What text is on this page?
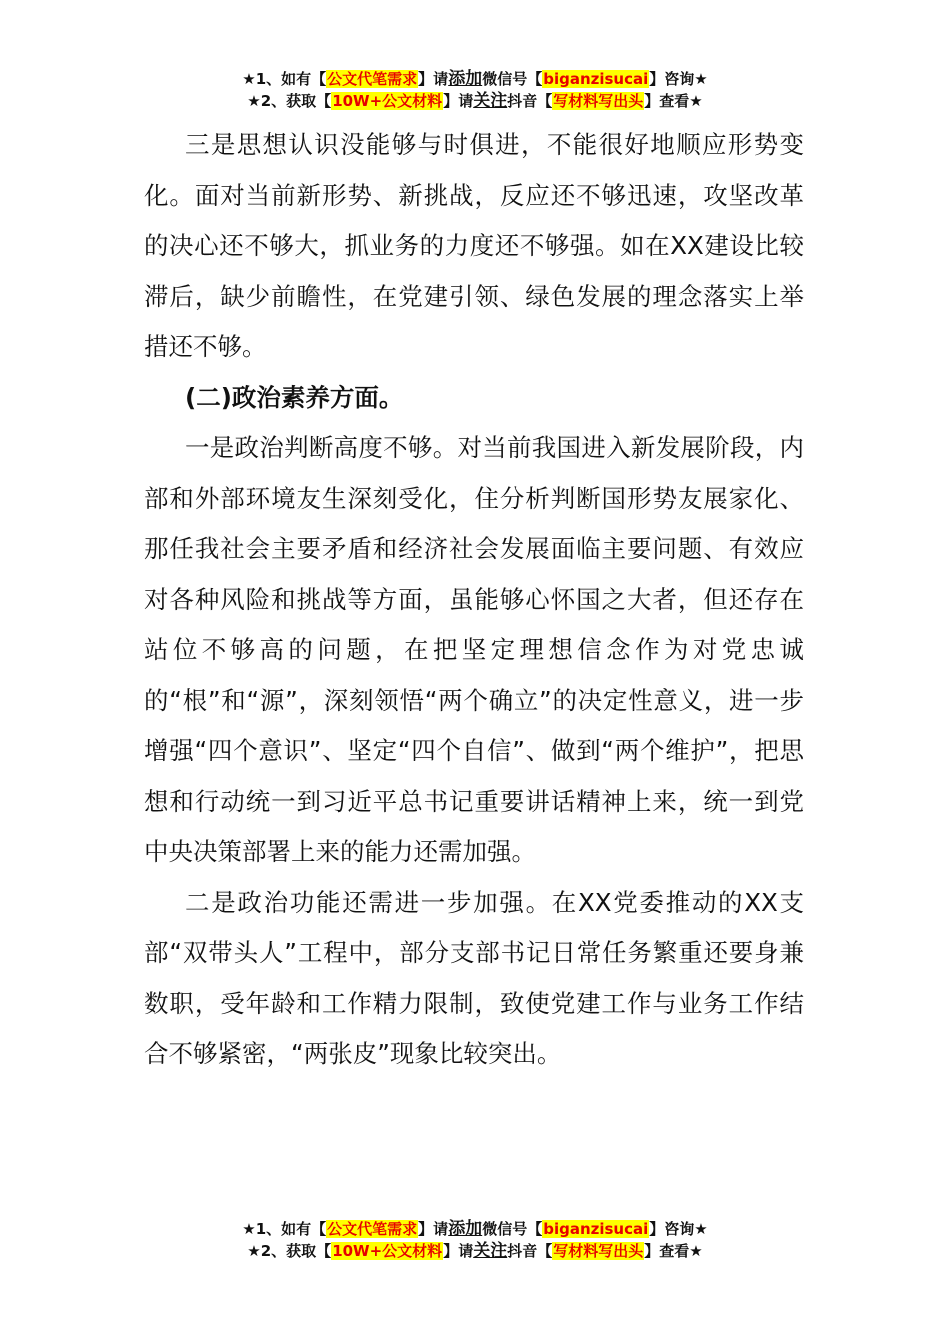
★1、如有【公文代笔需求】请添加微信号【biganzisucai】咨询★
★2、获取【10W+公文材料】请关注抖音【写材料写出头】查看★

三是思想认识没能够与时俱进，不能很好地顺应形势变化。面对当前新形势、新挑战，反应还不够迅速，攻坚改革的决心还不够大，抓业务的力度还不够强。如在XX建设比较滞后，缺少前瞻性，在党建引领、绿色发展的理念落实上举措还不够。

(二)政治素养方面。

一是政治判断高度不够。对当前我国进入新发展阶段，内部和外部环境友生深刻受化，住分析判断国形势友展家化、那任我社会主要矛盾和经济社会发展面临主要问题、有效应对各种风险和挑战等方面，虽能够心怀国之大者，但还存在站位不够高的问题，在把坚定理想信念作为对党忠诚的“根”和“源”，深刻领悟“两个确立”的决定性意义，进一步增强“四个意识”、坚定“四个自信”、做到“两个维护”，把思想和行动统一到习近平总书记重要讲话精神上来，统一到党中央决策部署上来的能力还需加强。

二是政治功能还需进一步加强。在XX党委推动的XX支部“双带头人”工程中，部分支部书记日常任务繁重还要身兼数职，受年龄和工作精力限制，致使党建工作与业务工作结合不够紧密，“两张皮”现象比较突出。

★1、如有【公文代笔需求】请添加微信号【biganzisucai】咨询★
★2、获取【10W+公文材料】请关注抖音【写材料写出头】查看★
